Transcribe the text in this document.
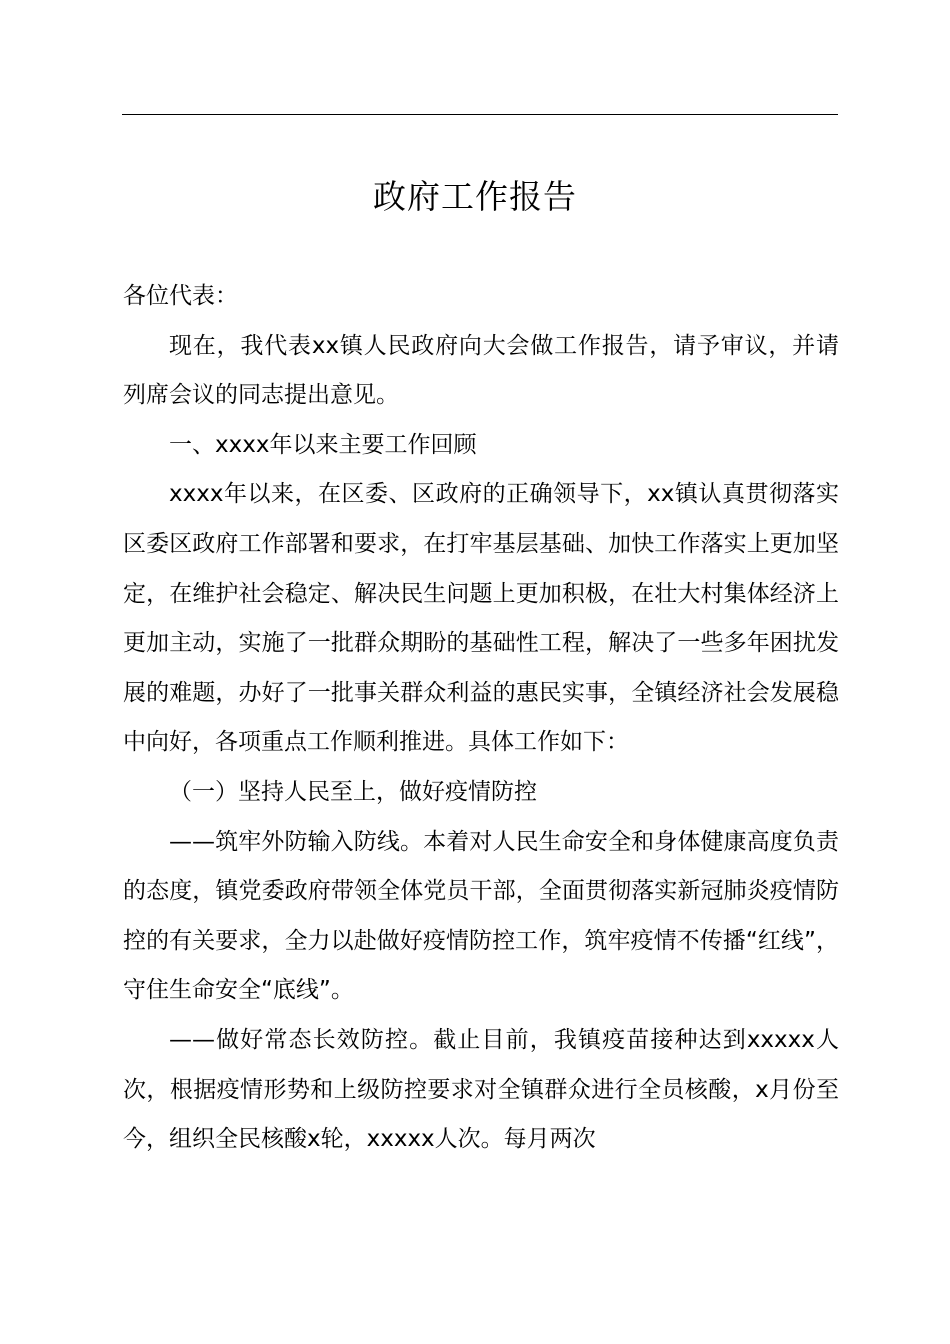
政府工作报告

各位代表：

现在，我代表xx镇人民政府向大会做工作报告，请予审议，并请列席会议的同志提出意见。

一、xxxx年以来主要工作回顾

xxxx年以来，在区委、区政府的正确领导下，xx镇认真贯彻落实区委区政府工作部署和要求，在打牢基层基础、加快工作落实上更加坚定，在维护社会稳定、解决民生问题上更加积极，在壮大村集体经济上更加主动，实施了一批群众期盼的基础性工程，解决了一些多年困扰发展的难题，办好了一批事关群众利益的惠民实事，全镇经济社会发展稳中向好，各项重点工作顺利推进。具体工作如下：

（一）坚持人民至上，做好疫情防控

——筑牢外防输入防线。本着对人民生命安全和身体健康高度负责的态度，镇党委政府带领全体党员干部，全面贯彻落实新冠肺炎疫情防控的有关要求，全力以赴做好疫情防控工作，筑牢疫情不传播“红线”，守住生命安全“底线”。

——做好常态长效防控。截止目前，我镇疫苗接种达到xxxxx人次，根据疫情形势和上级防控要求对全镇群众进行全员核酸，x月份至今，组织全民核酸x轮，xxxxx人次。每月两次
